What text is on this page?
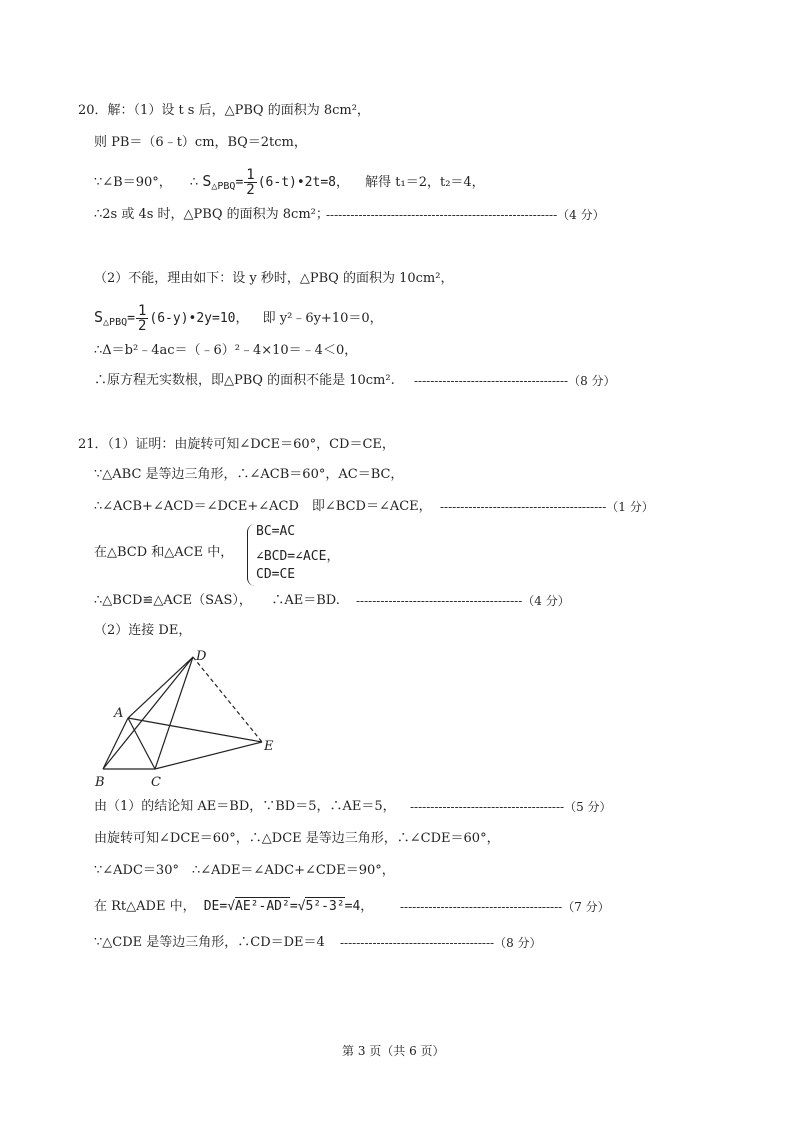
20．解：（1）设 t s 后，△PBQ 的面积为 8cm²，
则 PB＝（6﹣t）cm，BQ＝2tcm，
∵∠B＝90°， ∴ $S_{\triangle PBQ}= \frac{1}{2}$ (6-t)•2t=8， 解得 t₁＝2，t₂＝4，
∴2s 或 4s 时，△PBQ 的面积为 8cm²；
---------------------------------------------------------（4 分）
（2）不能，理由如下：设 y 秒时，△PBQ 的面积为 10cm²，
$S_{\triangle PBQ}= \frac{1}{2}$ (6-y)•2y=10， 即 y²﹣6y+10＝0，
∴Δ＝b²﹣4ac＝（﹣6）²﹣4×10＝﹣4＜0，
∴原方程无实数根，即△PBQ 的面积不能是 10cm². --------------------------------------（8 分）
21．（1）证明：由旋转可知∠DCE＝60°，CD＝CE，
∵△ABC 是等边三角形，∴∠ACB＝60°，AC＝BC，
∴∠ACB+∠ACD＝∠DCE+∠ACD　即∠BCD＝∠ACE， -----------------------------------------（1 分）
在△BCD 和△ACE 中，
BC=AC
∠BCD=∠ACE，
CD=CE
∴△BCD≌△ACE（SAS），　　∴AE＝BD. -----------------------------------------（4 分）
（2）连接 DE，
D
A
E
B	C
由（1）的结论知 AE＝BD，∵BD＝5，∴AE＝5， --------------------------------------（5 分）
由旋转可知∠DCE＝60°，∴△DCE 是等边三角形，∴∠CDE＝60°，
∵∠ADC＝30°　∴∠ADE＝∠ADC+∠CDE＝90°，
在 Rt△ADE 中， DE=√AE²-AD²=√5²-3²=4， ----------------------------------------（7 分）
∵△CDE 是等边三角形，∴CD＝DE＝4 --------------------------------------（8 分）
第 3 页（共 6 页）
